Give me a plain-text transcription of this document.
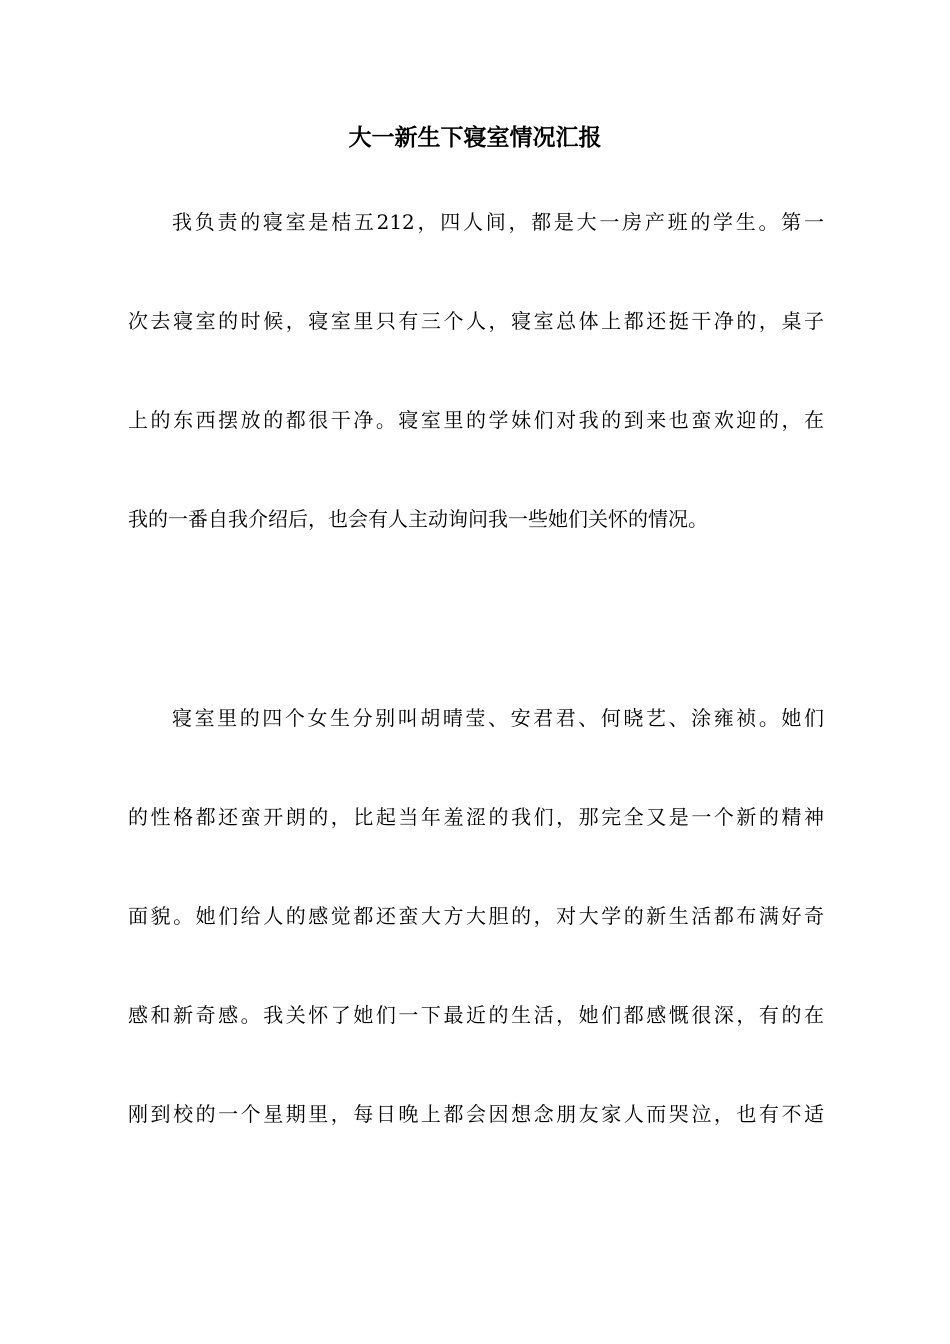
大一新生下寝室情况汇报
我负责的寝室是桔五212，四人间，都是大一房产班的学生。第一
次去寝室的时候，寝室里只有三个人，寝室总体上都还挺干净的，桌子
上的东西摆放的都很干净。寝室里的学妹们对我的到来也蛮欢迎的，在
我的一番自我介绍后，也会有人主动询问我一些她们关怀的情况。
寝室里的四个女生分别叫胡晴莹、安君君、何晓艺、涂雍祯。她们
的性格都还蛮开朗的，比起当年羞涩的我们，那完全又是一个新的精神
面貌。她们给人的感觉都还蛮大方大胆的，对大学的新生活都布满好奇
感和新奇感。我关怀了她们一下最近的生活，她们都感慨很深，有的在
刚到校的一个星期里，每日晚上都会因想念朋友家人而哭泣，也有不适
